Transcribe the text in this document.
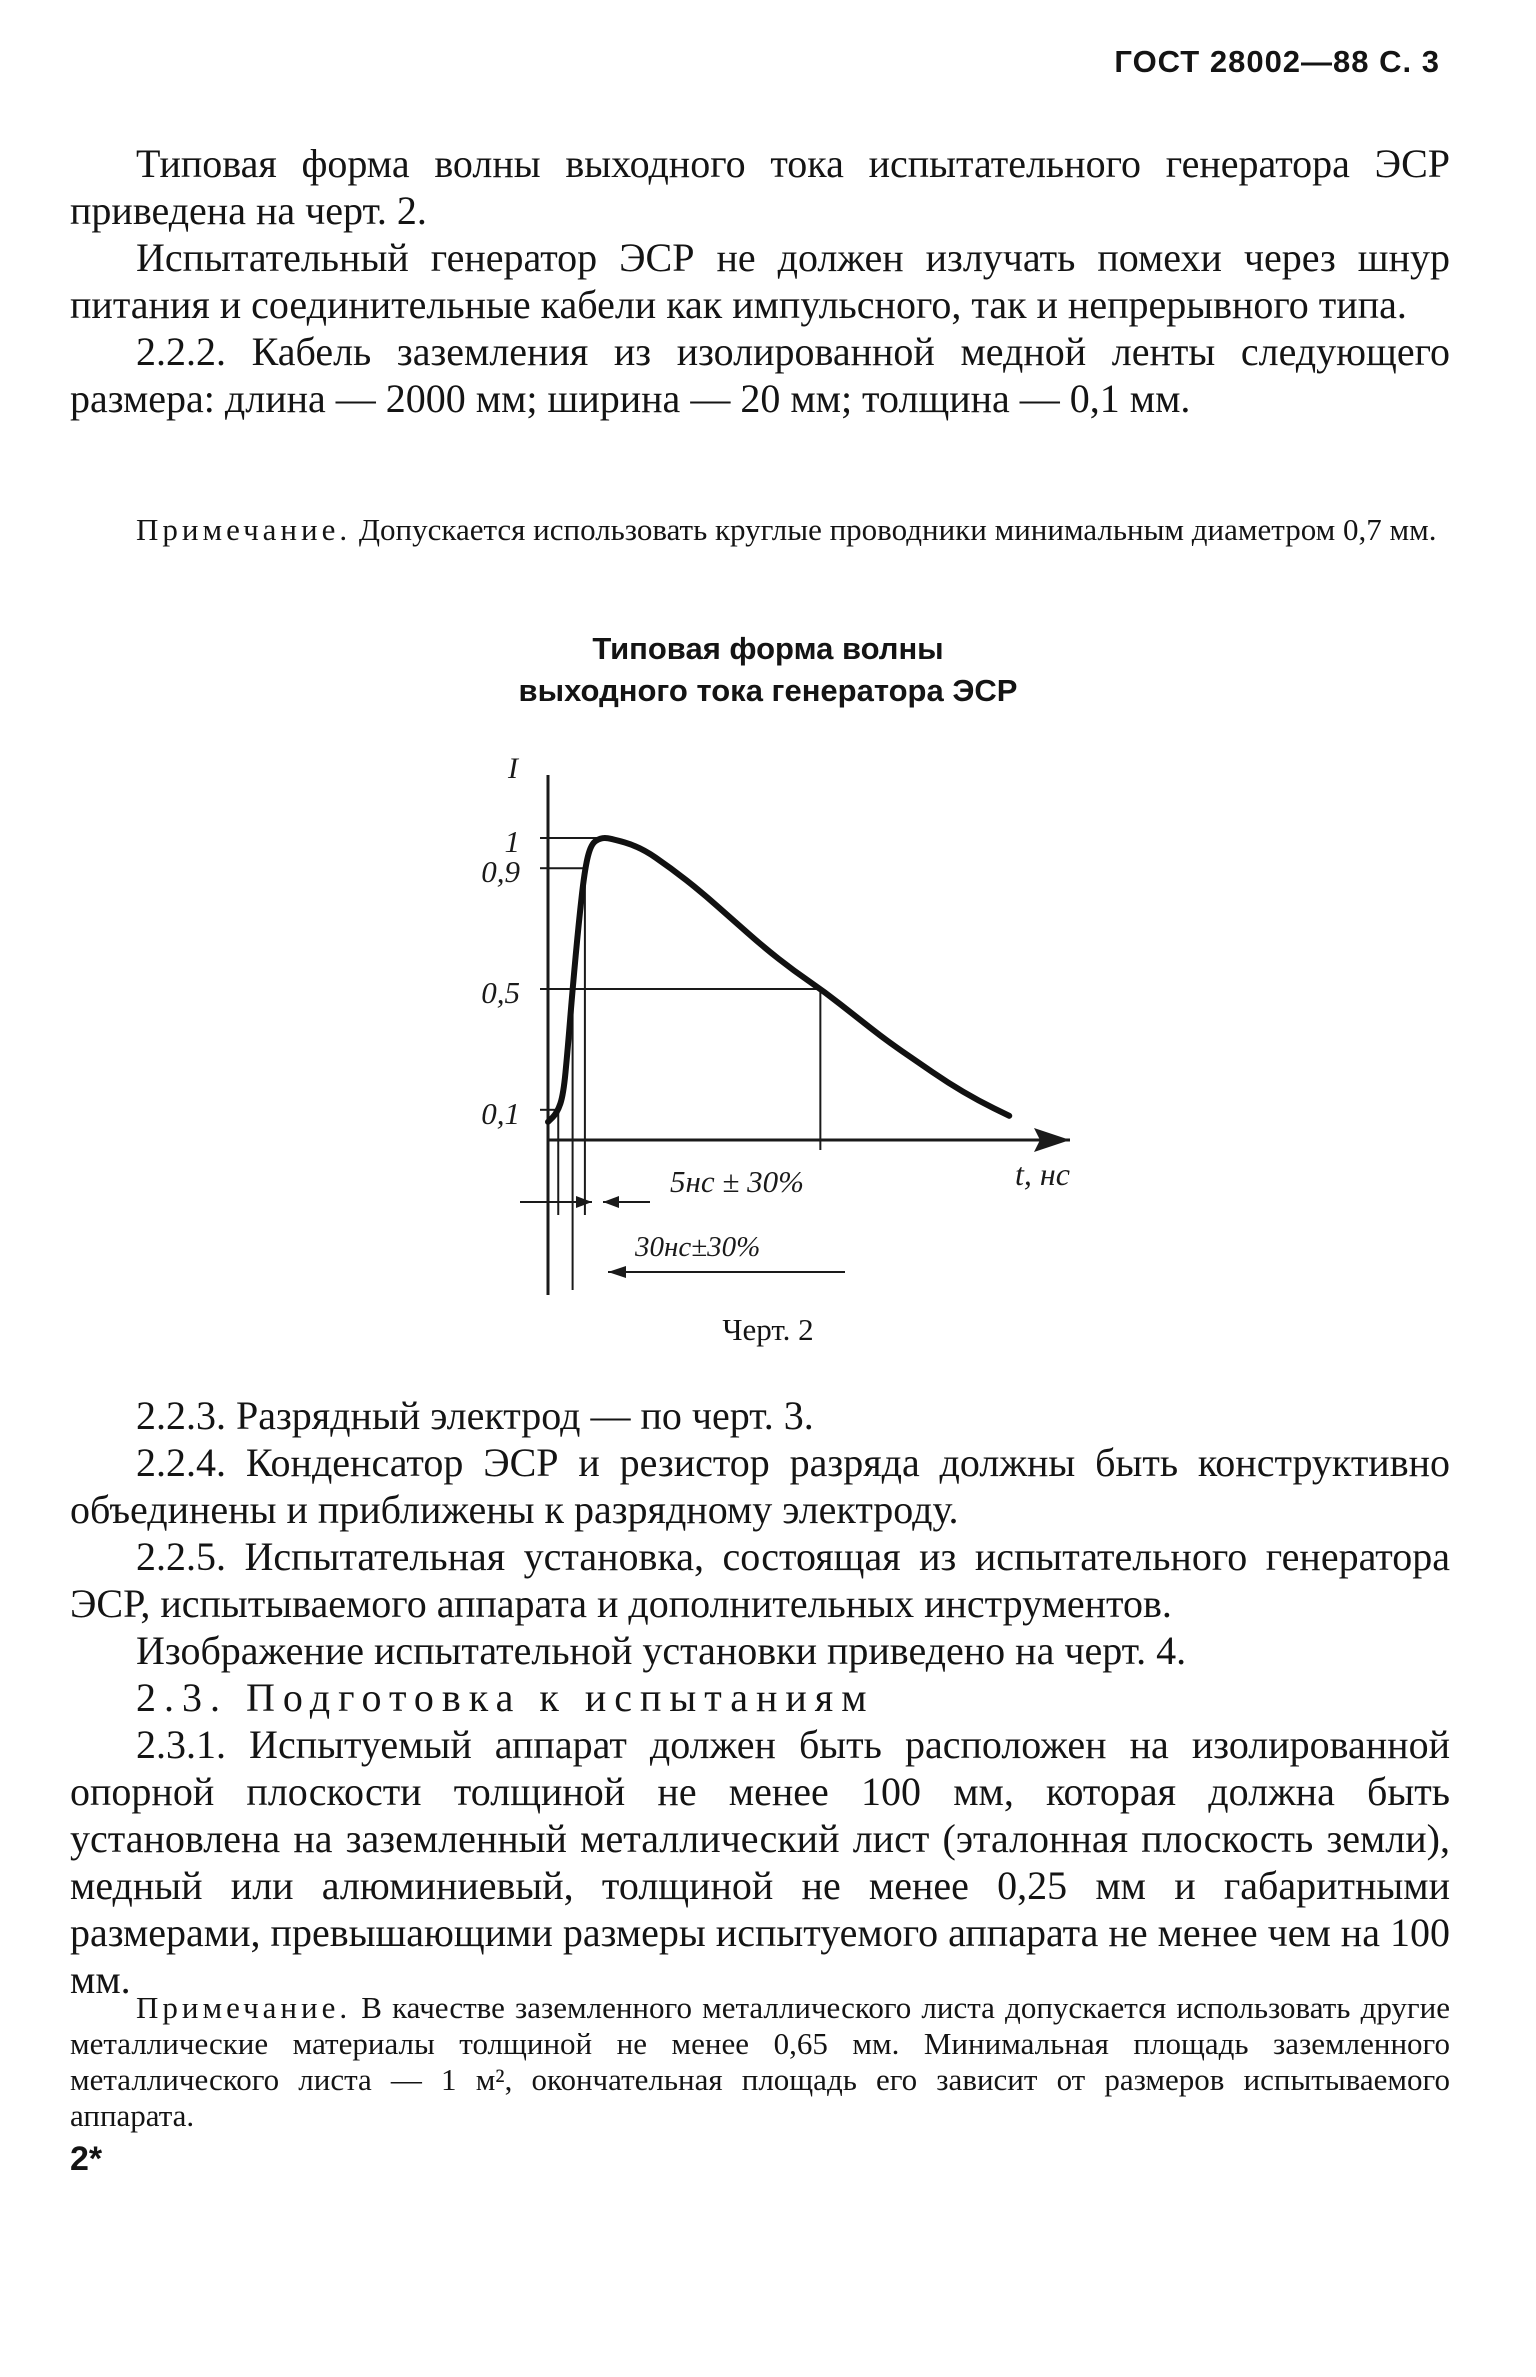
ГОСТ 28002—88 С. 3

Типовая форма волны выходного тока испытательного генератора ЭСР приведена на черт. 2.

Испытательный генератор ЭСР не должен излучать помехи через шнур питания и соединительные кабели как импульсного, так и непрерывного типа.

2.2.2. Кабель заземления из изолированной медной ленты следующего размера: длина — 2000 мм; ширина — 20 мм; толщина — 0,1 мм.

Примечание. Допускается использовать круглые проводники минимальным диаметром 0,7 мм.

Типовая форма волны
выходного тока генератора ЭСР

1
0,9
0,5
0,1
I
t, нс
5нс ± 30%
30нс±30%

Черт. 2

2.2.3. Разрядный электрод — по черт. 3.

2.2.4. Конденсатор ЭСР и резистор разряда должны быть конструктивно объединены и приближены к разрядному электроду.

2.2.5. Испытательная установка, состоящая из испытательного генератора ЭСР, испытываемого аппарата и дополнительных инструментов.

Изображение испытательной установки приведено на черт. 4.

2.3. Подготовка к испытаниям

2.3.1. Испытуемый аппарат должен быть расположен на изолированной опорной плоскости толщиной не менее 100 мм, которая должна быть установлена на заземленный металлический лист (эталонная плоскость земли), медный или алюминиевый, толщиной не менее 0,25 мм и габаритными размерами, превышающими размеры испытуемого аппарата не менее чем на 100 мм.

Примечание. В качестве заземленного металлического листа допускается использовать другие металлические материалы толщиной не менее 0,65 мм. Минимальная площадь заземленного металлического листа — 1 м², окончательная площадь его зависит от размеров испытываемого аппарата.

2*
